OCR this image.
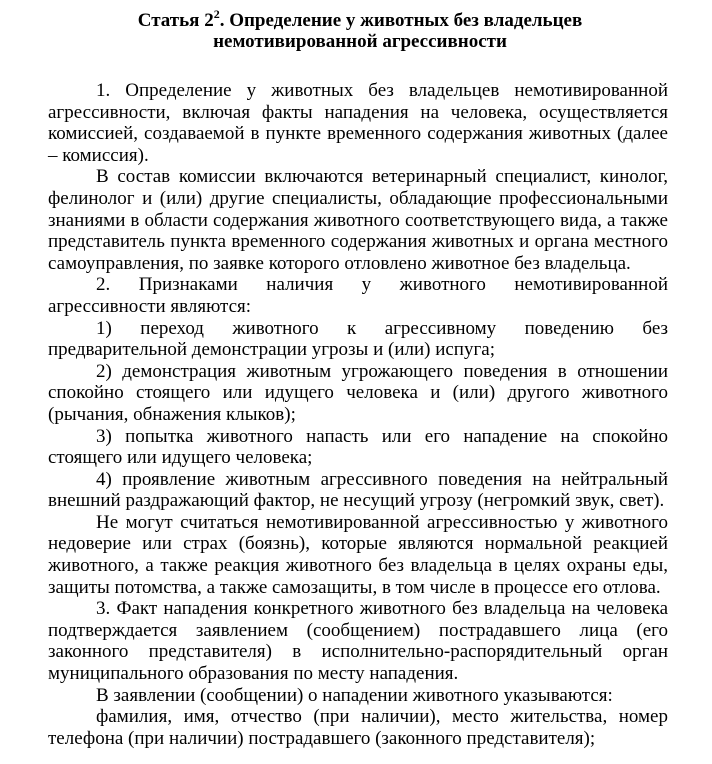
Статья $2^2$. Определение у животных без владельцев
немотивированной агрессивности

1. Определение у животных без владельцев немотивированной агрессивности, включая факты нападения на человека, осуществляется комиссией, создаваемой в пункте временного содержания животных (далее – комиссия).

В состав комиссии включаются ветеринарный специалист, кинолог, фелинолог и (или) другие специалисты, обладающие профессиональными знаниями в области содержания животного соответствующего вида, а также представитель пункта временного содержания животных и органа местного самоуправления, по заявке которого отловлено животное без владельца.

2. Признаками наличия у животного немотивированной агрессивности являются:

1) переход животного к агрессивному поведению без предварительной демонстрации угрозы и (или) испуга;

2) демонстрация животным угрожающего поведения в отношении спокойно стоящего или идущего человека и (или) другого животного (рычания, обнажения клыков);

3) попытка животного напасть или его нападение на спокойно стоящего или идущего человека;

4) проявление животным агрессивного поведения на нейтральный внешний раздражающий фактор, не несущий угрозу (негромкий звук, свет).

Не могут считаться немотивированной агрессивностью у животного недоверие или страх (боязнь), которые являются нормальной реакцией животного, а также реакция животного без владельца в целях охраны еды, защиты потомства, а также самозащиты, в том числе в процессе его отлова.

3. Факт нападения конкретного животного без владельца на человека подтверждается заявлением (сообщением) пострадавшего лица (его законного представителя) в исполнительно-распорядительный орган муниципального образования по месту нападения.

В заявлении (сообщении) о нападении животного указываются:

фамилия, имя, отчество (при наличии), место жительства, номер телефона (при наличии) пострадавшего (законного представителя);
